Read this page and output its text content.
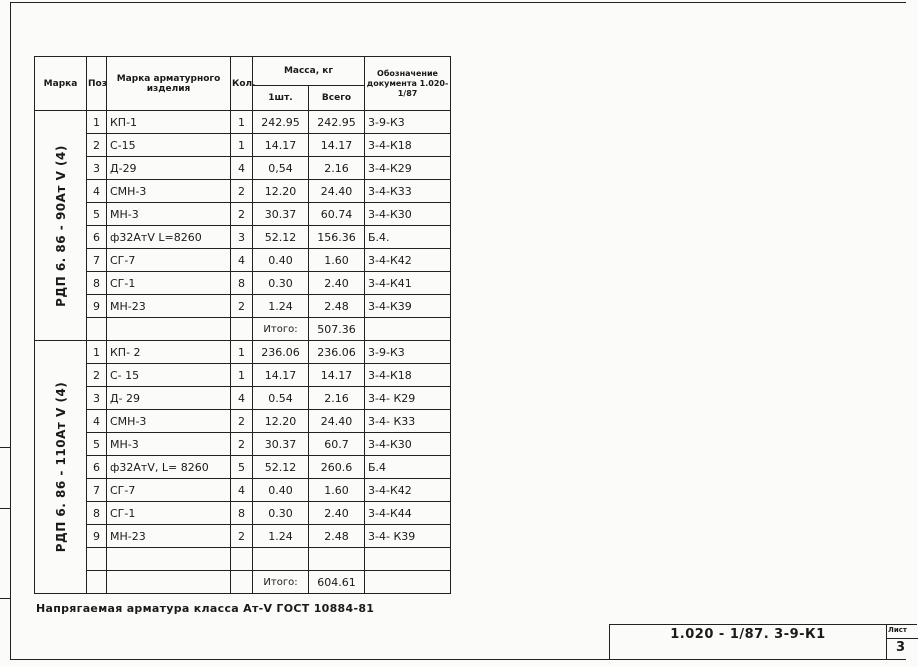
Марка	Поз	Марка арматурного изделия	Кол.	Масса, кг		Обозначение документа 1.020-1/87
				1шт.	Всего	

РДП 6. 86 - 90Ат V (4)	1	КП-1	1	242.95	242.95	3-9-К3
	2	С-15	1	14.17	14.17	3-4-К18
	3	Д-29	4	0,54	2.16	3-4-К29
	4	СМН-3	2	12.20	24.40	3-4-К33
	5	МН-3	2	30.37	60.74	3-4-К30
	6	ф32АтV L=8260	3	52.12	156.36	Б.4.
	7	СГ-7	4	0.40	1.60	3-4-К42
	8	СГ-1	8	0.30	2.40	3-4-К41
	9	МН-23	2	1.24	2.48	3-4-К39
				Итого:	507.36	

РДП 6. 86 - 110Ат V (4)	1	КП- 2	1	236.06	236.06	3-9-К3
	2	С- 15	1	14.17	14.17	3-4-К18
	3	Д- 29	4	0.54	2.16	3-4- К29
	4	СМН-3	2	12.20	24.40	3-4- К33
	5	МН-3	2	30.37	60.7	3-4-К30
	6	ф32АтV, L= 8260	5	52.12	260.6	Б.4
	7	СГ-7	4	0.40	1.60	3-4-К42
	8	СГ-1	8	0.30	2.40	3-4-К44
	9	МН-23	2	1.24	2.48	3-4- К39

				Итого:	604.61	
Напрягаемая арматура класса Ат-V ГОСТ 10884-81
1.020 - 1/87. 3-9-К1	Лист
3
